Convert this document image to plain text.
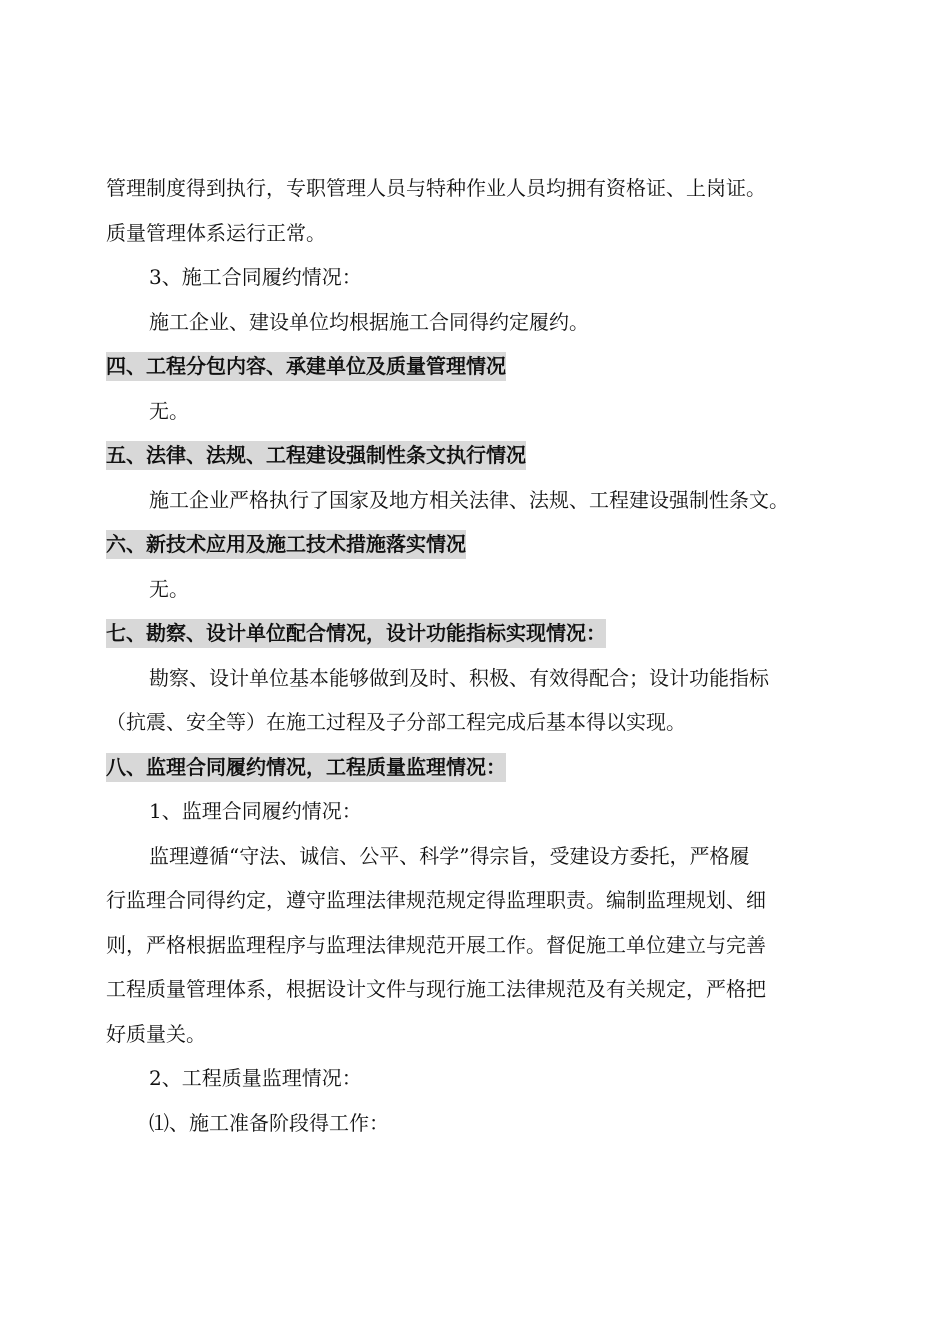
管理制度得到执行，专职管理人员与特种作业人员均拥有资格证、上岗证。
质量管理体系运行正常。
3、施工合同履约情况：
施工企业、建设单位均根据施工合同得约定履约。
四、工程分包内容、承建单位及质量管理情况
无。
五、法律、法规、工程建设强制性条文执行情况
施工企业严格执行了国家及地方相关法律、法规、工程建设强制性条文。
六、新技术应用及施工技术措施落实情况
无。
七、勘察、设计单位配合情况，设计功能指标实现情况：
勘察、设计单位基本能够做到及时、积极、有效得配合；设计功能指标
（抗震、安全等）在施工过程及子分部工程完成后基本得以实现。
八、监理合同履约情况，工程质量监理情况：
1、监理合同履约情况：
监理遵循“守法、诚信、公平、科学”得宗旨，受建设方委托，严格履
行监理合同得约定，遵守监理法律规范规定得监理职责。编制监理规划、细
则，严格根据监理程序与监理法律规范开展工作。督促施工单位建立与完善
工程质量管理体系，根据设计文件与现行施工法律规范及有关规定，严格把
好质量关。
2、工程质量监理情况：
⑴、施工准备阶段得工作：
